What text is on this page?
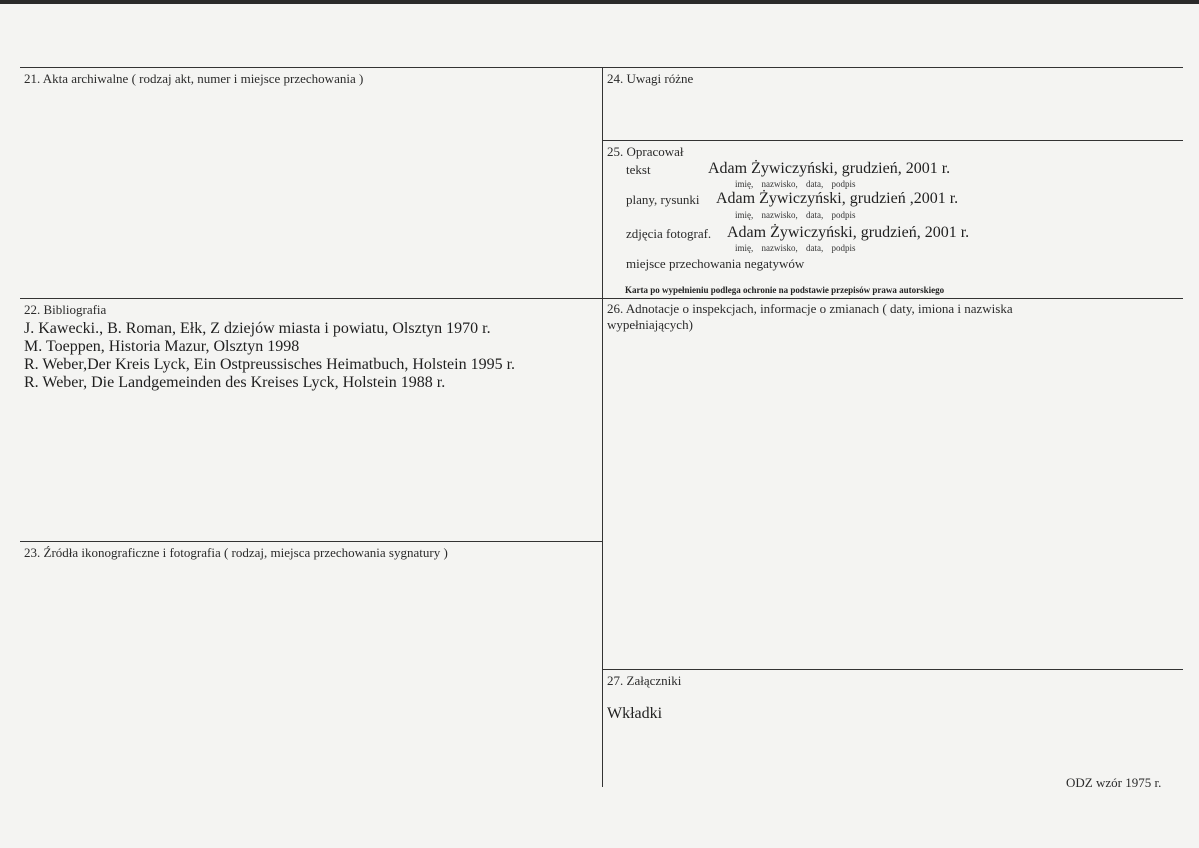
21. Akta archiwalne ( rodzaj akt, numer i miejsce przechowania )
22. Bibliografia
J. Kawecki., B. Roman, Ełk, Z dziejów miasta i powiatu, Olsztyn 1970 r.
M. Toeppen, Historia Mazur, Olsztyn 1998
R. Weber,Der Kreis Lyck, Ein Ostpreussisches Heimatbuch, Holstein 1995 r.
R. Weber, Die Landgemeinden des Kreises Lyck, Holstein 1988 r.
23. Źródła ikonograficzne i fotografia ( rodzaj, miejsca przechowania sygnatury )
24. Uwagi różne
25. Opracował
tekst	Adam Żywiczyński, grudzień, 2001 r.
imię, nazwisko, data, podpis
plany, rysunki Adam Żywiczyński, grudzień ,2001 r.
imię, nazwisko, data, podpis
zdjęcia fotograf. Adam Żywiczyński, grudzień, 2001 r.
imię, nazwisko, data, podpis
miejsce przechowania negatywów
Karta po wypełnieniu podlega ochronie na podstawie przepisów prawa autorskiego
26. Adnotacje o inspekcjach, informacje o zmianach ( daty, imiona i nazwiska
wypełniających)
27. Załączniki
Wkładki
ODZ wzór 1975 r.
